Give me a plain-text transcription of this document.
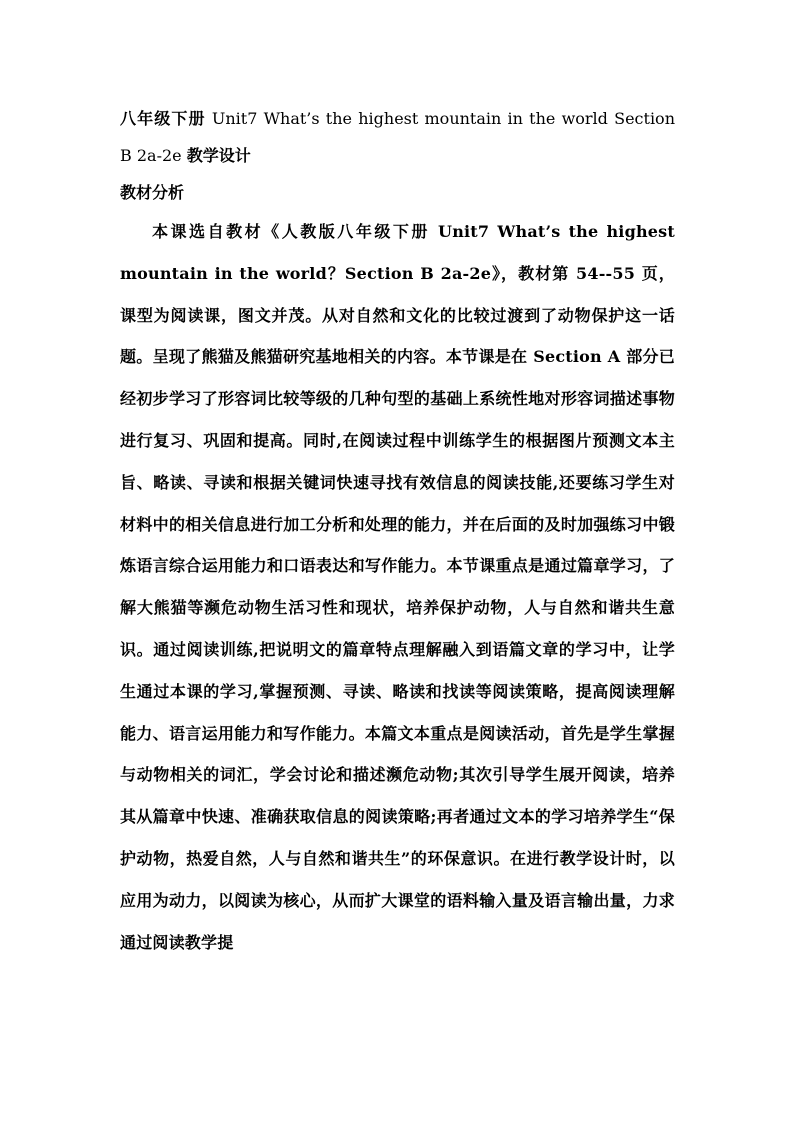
八年级下册 Unit7 What’s the highest mountain in the world Section B 2a-2e 教学设计

教材分析

本课选自教材《人教版八年级下册 Unit7 What’s the highest mountain in the world？Section B 2a-2e》，教材第 54--55 页，课型为阅读课，图文并茂。从对自然和文化的比较过渡到了动物保护这一话题。呈现了熊猫及熊猫研究基地相关的内容。本节课是在 Section A 部分已经初步学习了形容词比较等级的几种句型的基础上系统性地对形容词描述事物进行复习、巩固和提高。同时,在阅读过程中训练学生的根据图片预测文本主旨、略读、寻读和根据关键词快速寻找有效信息的阅读技能,还要练习学生对材料中的相关信息进行加工分析和处理的能力，并在后面的及时加强练习中锻炼语言综合运用能力和口语表达和写作能力。本节课重点是通过篇章学习，了解大熊猫等濒危动物生活习性和现状，培养保护动物，人与自然和谐共生意识。通过阅读训练,把说明文的篇章特点理解融入到语篇文章的学习中，让学生通过本课的学习,掌握预测、寻读、略读和找读等阅读策略，提高阅读理解能力、语言运用能力和写作能力。本篇文本重点是阅读活动，首先是学生掌握与动物相关的词汇，学会讨论和描述濒危动物;其次引导学生展开阅读，培养其从篇章中快速、准确获取信息的阅读策略;再者通过文本的学习培养学生“保护动物，热爱自然，人与自然和谐共生”的环保意识。在进行教学设计时，以应用为动力，以阅读为核心，从而扩大课堂的语料输入量及语言输出量，力求通过阅读教学提
